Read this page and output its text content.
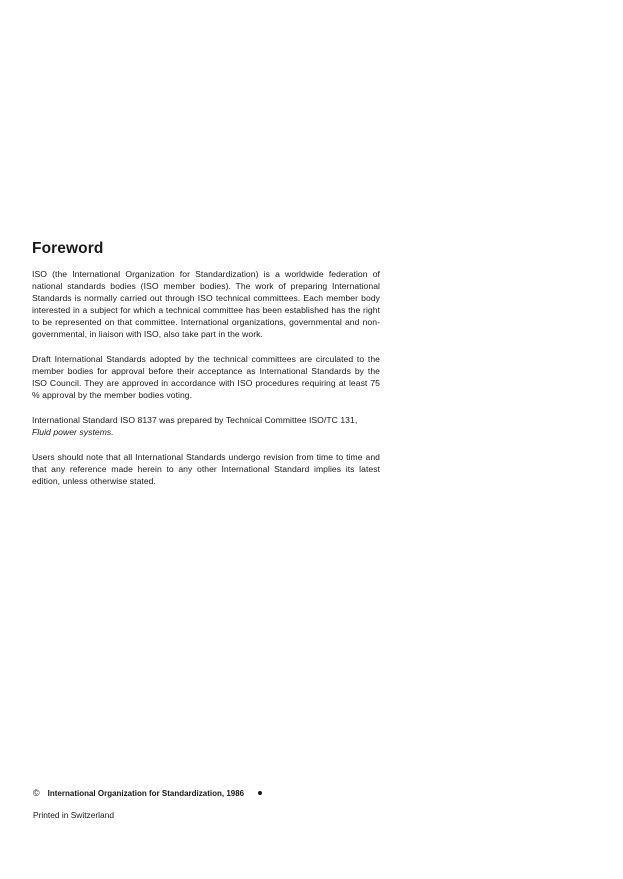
Foreword

ISO (the International Organization for Standardization) is a worldwide federation of national standards bodies (ISO member bodies). The work of preparing International Standards is normally carried out through ISO technical committees. Each member body interested in a subject for which a technical committee has been established has the right to be represented on that committee. International organizations, governmental and non-governmental, in liaison with ISO, also take part in the work.

Draft International Standards adopted by the technical committees are circulated to the member bodies for approval before their acceptance as International Standards by the ISO Council. They are approved in accordance with ISO procedures requiring at least 75 % approval by the member bodies voting.

International Standard ISO 8137 was prepared by Technical Committee ISO/TC 131,
Fluid power systems.

Users should note that all International Standards undergo revision from time to time and that any reference made herein to any other International Standard implies its latest edition, unless otherwise stated.

© International Organization for Standardization, 1986
Printed in Switzerland
